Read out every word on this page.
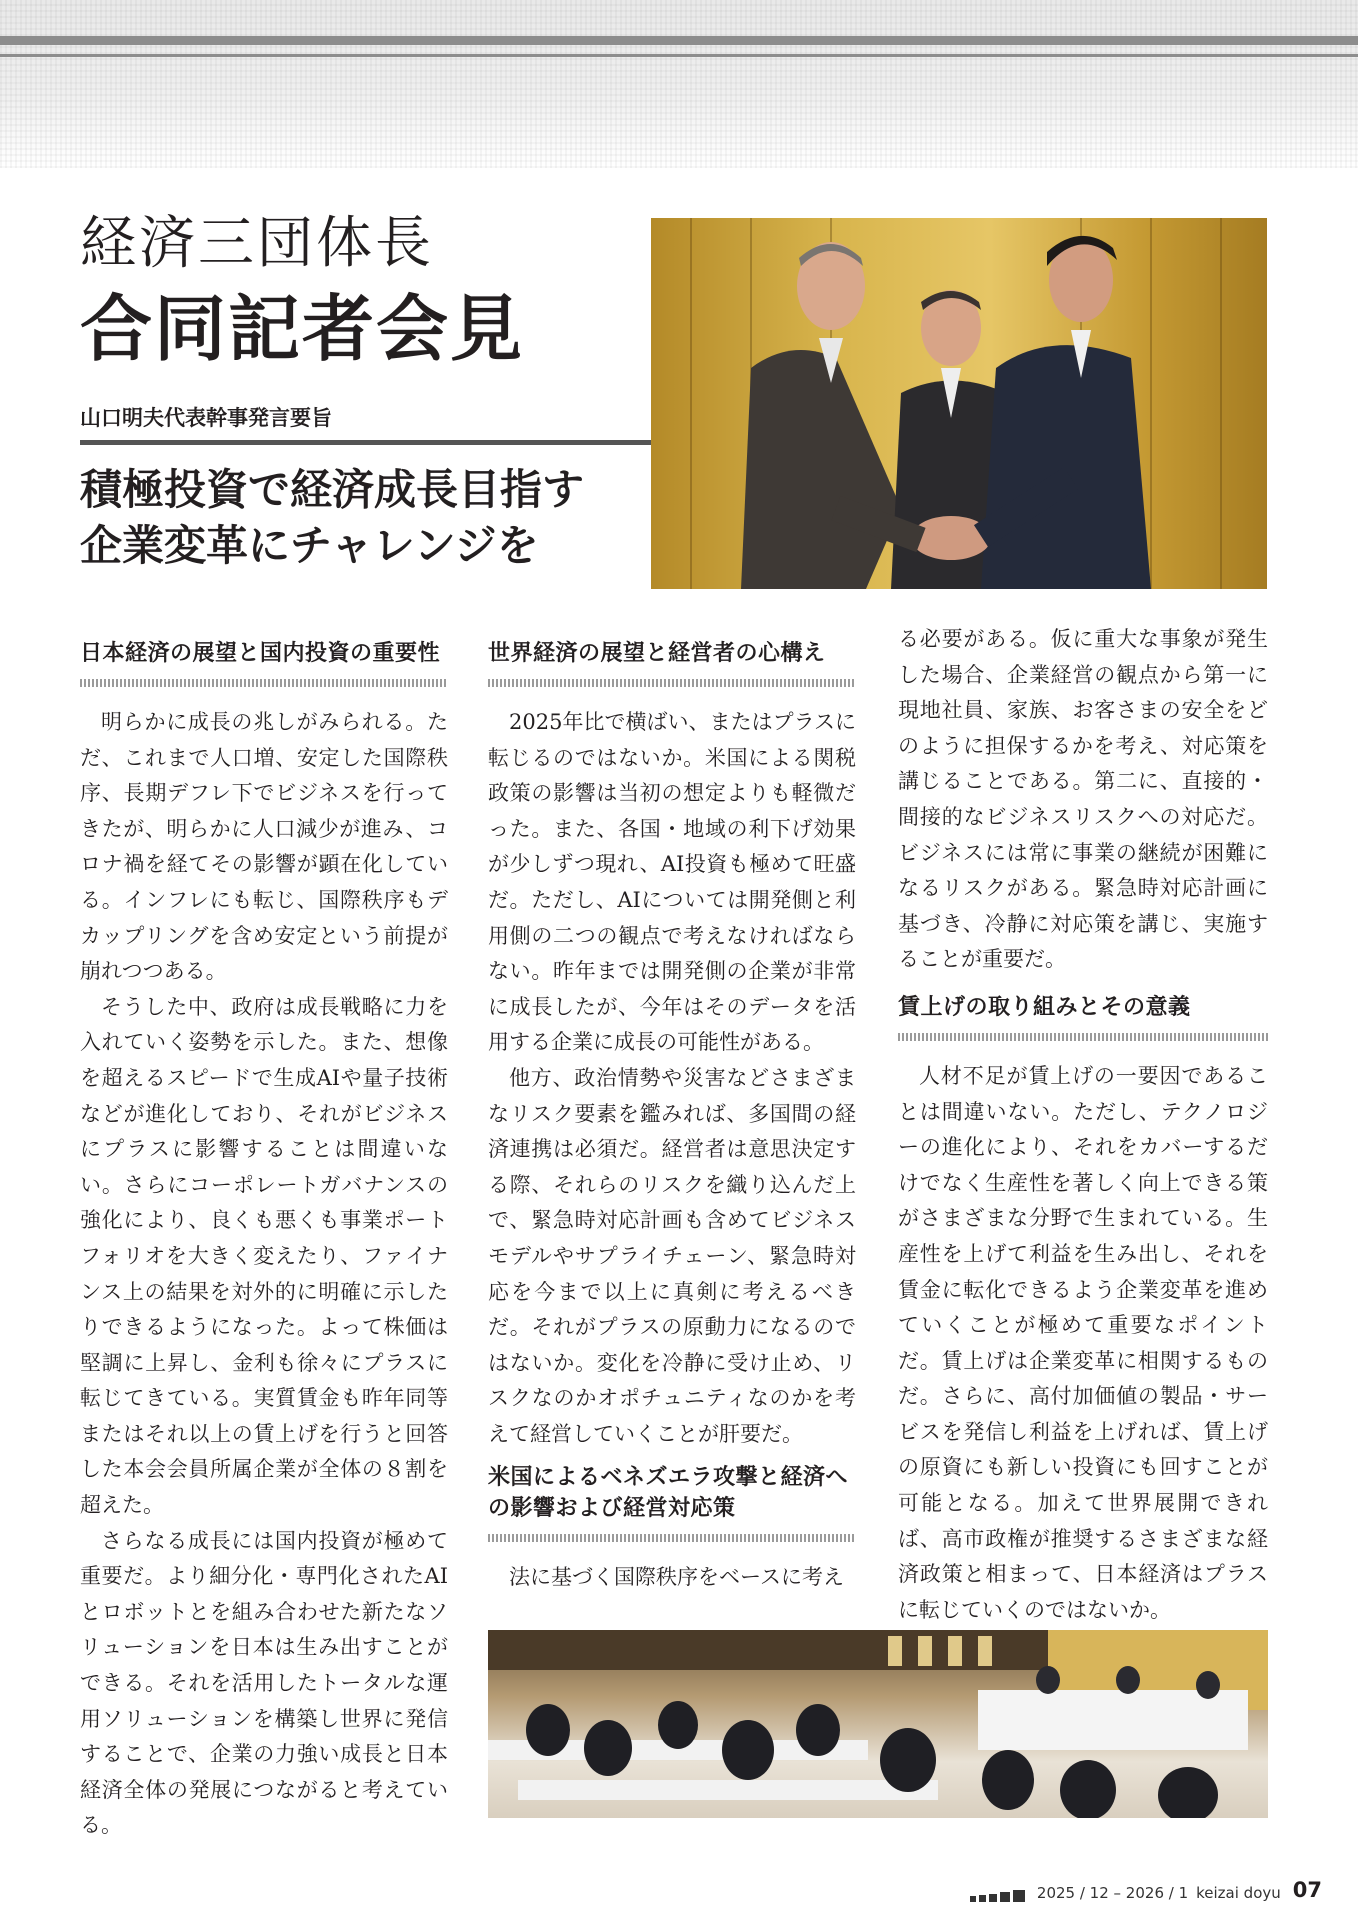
経済三団体長
合同記者会見
山口明夫代表幹事発言要旨
積極投資で経済成長目指す
企業変革にチャレンジを
日本経済の展望と国内投資の重要性

明らかに成長の兆しがみられる。ただ、これまで人口増、安定した国際秩序、長期デフレ下でビジネスを行ってきたが、明らかに人口減少が進み、コロナ禍を経てその影響が顕在化している。インフレにも転じ、国際秩序もデカップリングを含め安定という前提が崩れつつある。

そうした中、政府は成長戦略に力を入れていく姿勢を示した。また、想像を超えるスピードで生成AIや量子技術などが進化しており、それがビジネスにプラスに影響することは間違いない。さらにコーポレートガバナンスの強化により、良くも悪くも事業ポートフォリオを大きく変えたり、ファイナンス上の結果を対外的に明確に示したりできるようになった。よって株価は堅調に上昇し、金利も徐々にプラスに転じてきている。実質賃金も昨年同等またはそれ以上の賃上げを行うと回答した本会会員所属企業が全体の８割を超えた。

さらなる成長には国内投資が極めて重要だ。より細分化・専門化されたAIとロボットとを組み合わせた新たなソリューションを日本は生み出すことができる。それを活用したトータルな運用ソリューションを構築し世界に発信することで、企業の力強い成長と日本経済全体の発展につながると考えている。

世界経済の展望と経営者の心構え

2025年比で横ばい、またはプラスに転じるのではないか。米国による関税政策の影響は当初の想定よりも軽微だった。また、各国・地域の利下げ効果が少しずつ現れ、AI投資も極めて旺盛だ。ただし、AIについては開発側と利用側の二つの観点で考えなければならない。昨年までは開発側の企業が非常に成長したが、今年はそのデータを活用する企業に成長の可能性がある。

他方、政治情勢や災害などさまざまなリスク要素を鑑みれば、多国間の経済連携は必須だ。経営者は意思決定する際、それらのリスクを織り込んだ上で、緊急時対応計画も含めてビジネスモデルやサプライチェーン、緊急時対応を今まで以上に真剣に考えるべきだ。それがプラスの原動力になるのではないか。変化を冷静に受け止め、リスクなのかオポチュニティなのかを考えて経営していくことが肝要だ。

米国によるベネズエラ攻撃と経済への影響および経営対応策

法に基づく国際秩序をベースに考え

る必要がある。仮に重大な事象が発生した場合、企業経営の観点から第一に現地社員、家族、お客さまの安全をどのように担保するかを考え、対応策を講じることである。第二に、直接的・間接的なビジネスリスクへの対応だ。ビジネスには常に事業の継続が困難になるリスクがある。緊急時対応計画に基づき、冷静に対応策を講じ、実施することが重要だ。

賃上げの取り組みとその意義

人材不足が賃上げの一要因であることは間違いない。ただし、テクノロジーの進化により、それをカバーするだけでなく生産性を著しく向上できる策がさまざまな分野で生まれている。生産性を上げて利益を生み出し、それを賃金に転化できるよう企業変革を進めていくことが極めて重要なポイントだ。賃上げは企業変革に相関するものだ。さらに、高付加価値の製品・サービスを発信し利益を上げれば、賃上げの原資にも新しい投資にも回すことが可能となる。加えて世界展開できれば、高市政権が推奨するさまざまな経済政策と相まって、日本経済はプラスに転じていくのではないか。

2025 / 12 – 2026 / 1 keizai doyu 07
